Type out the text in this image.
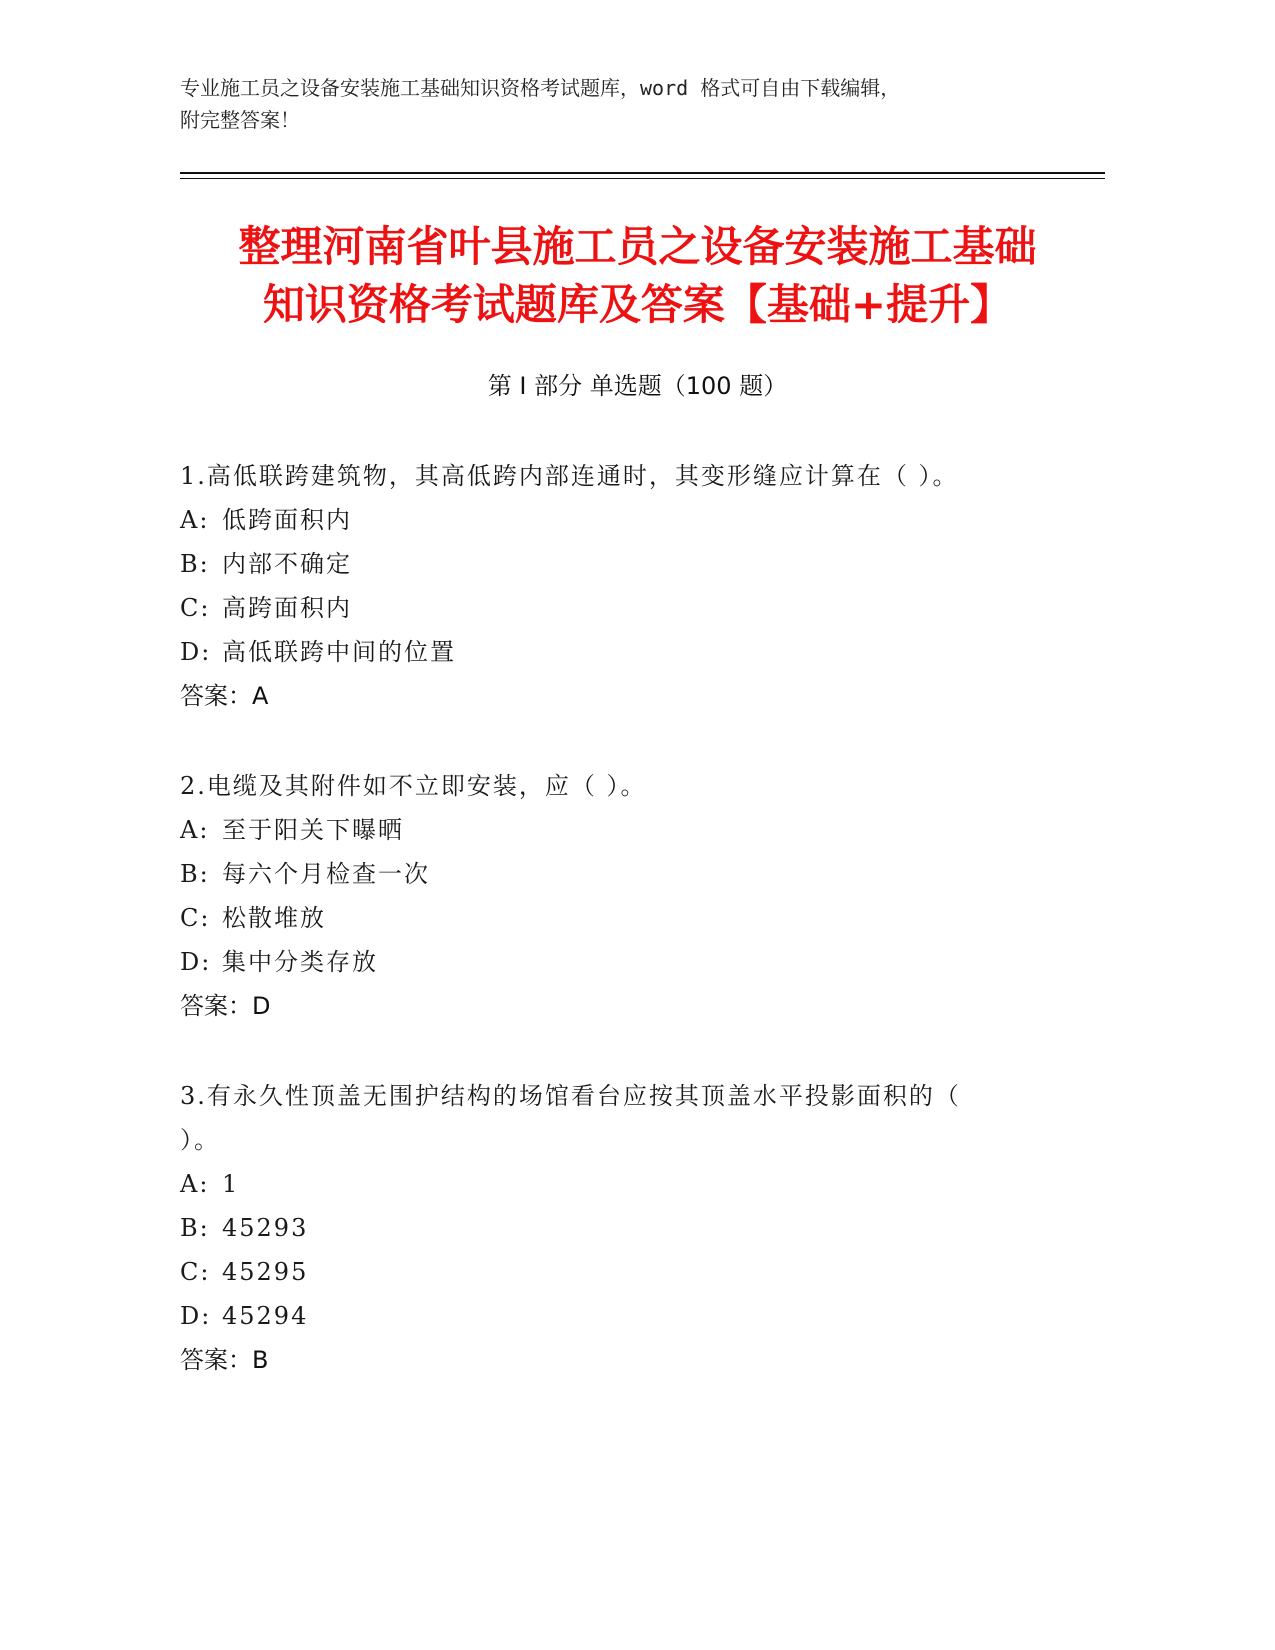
专业施工员之设备安装施工基础知识资格考试题库，word 格式可自由下载编辑，
附完整答案！
整理河南省叶县施工员之设备安装施工基础
知识资格考试题库及答案【基础+提升】
第 I 部分 单选题（100 题）
1.高低联跨建筑物，其高低跨内部连通时，其变形缝应计算在（ ）。
A: 低跨面积内
B: 内部不确定
C: 高跨面积内
D: 高低联跨中间的位置
答案：A
2.电缆及其附件如不立即安装，应（ ）。
A: 至于阳关下曝晒
B: 每六个月检查一次
C: 松散堆放
D: 集中分类存放
答案：D
3.有永久性顶盖无围护结构的场馆看台应按其顶盖水平投影面积的（
）。
A: 1
B: 45293
C: 45295
D: 45294
答案：B
